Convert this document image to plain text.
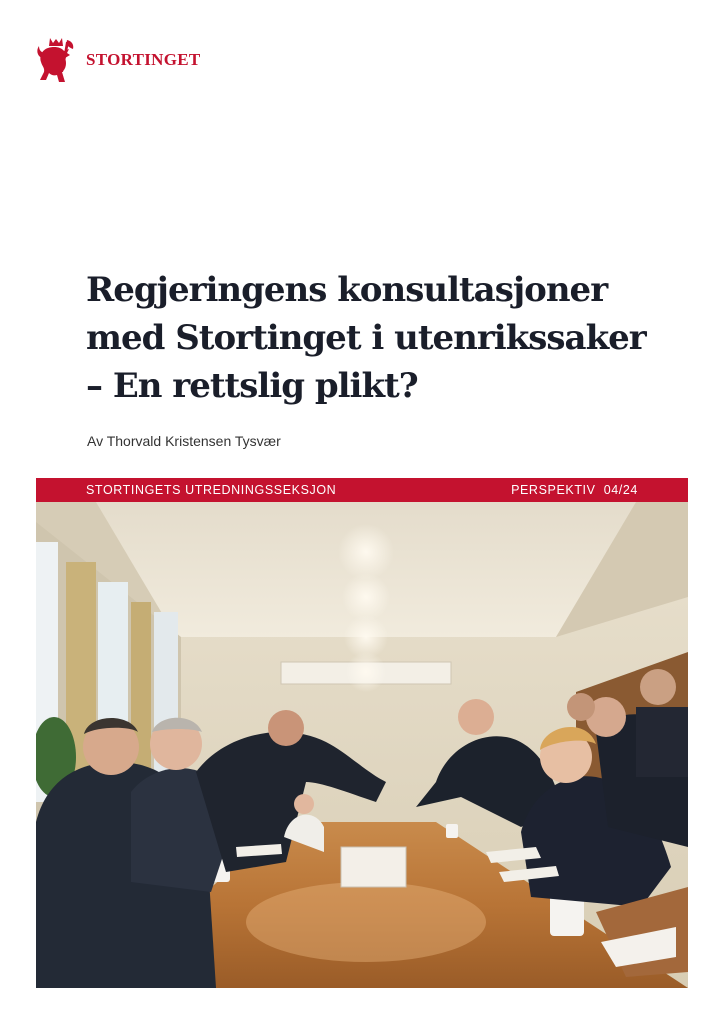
STORTINGET
Regjeringens konsultasjoner
med Stortinget i utenrikssaker
– En rettslig plikt?
Av Thorvald Kristensen Tysvær
STORTINGETS UTREDNINGSSEKSJON	PERSPEKTIV  04/24
